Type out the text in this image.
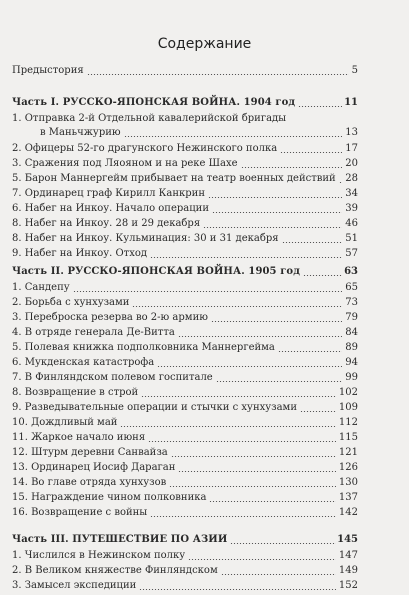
Содержание
Предыстория	5
Часть I. РУССКО-ЯПОНСКАЯ ВОЙНА. 1904 год	11
1. Отправка 2-й Отдельной кавалерийской бригады
в Маньчжурию	13
2. Офицеры 52-го драгунского Нежинского полка	17
3. Сражения под Ляояном и на реке Шахе	20
5. Барон Маннергейм прибывает на театр военных действий 28
7. Ординарец граф Кирилл Канкрин	34
6. Набег на Инкоу. Начало операции	39
8. Набег на Инкоу. 28 и 29 декабря	46
8. Набег на Инкоу. Кульминация: 30 и 31 декабря	51
9. Набег на Инкоу. Отход	57
Часть II. РУССКО-ЯПОНСКАЯ ВОЙНА. 1905 год	63
1. Сандепу	65
2. Борьба с хунхузами	73
3. Переброска резерва во 2-ю армию	79
4. В отряде генерала Де-Витта	84
5. Полевая книжка подполковника Маннергейма	89
6. Мукденская катастрофа	94
7. В Финляндском полевом госпитале	99
8. Возвращение в строй	102
9. Разведывательные операции и стычки с хунхузами	109
10. Дождливый май	112
11. Жаркое начало июня	115
12. Штурм деревни Санвайза	121
13. Ординарец Иосиф Дараган	126
14. Во главе отряда хунхузов	130
15. Награждение чином полковника	137
16. Возвращение с войны	142
Часть III. ПУТЕШЕСТВИЕ ПО АЗИИ	145
1. Числился в Нежинском полку	147
2. В Великом княжестве Финляндском	149
3. Замысел экспедиции	152
